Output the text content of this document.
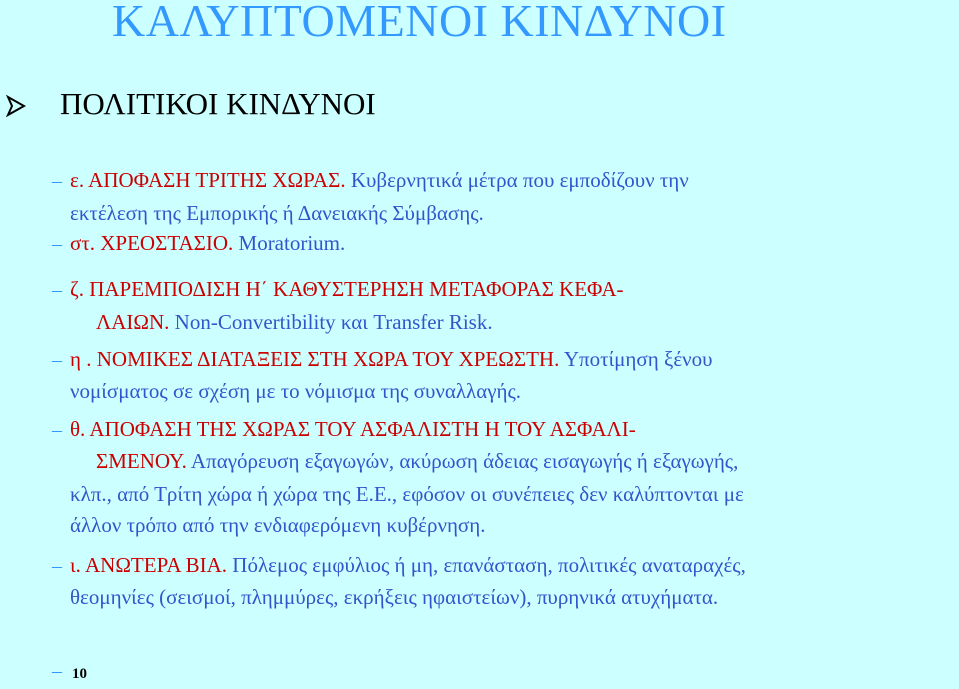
ΚΑΛΥΠΤΟΜΕΝΟΙ ΚΙΝΔΥΝΟΙ
ΠΟΛΙΤΙΚΟΙ ΚΙΝΔΥΝΟΙ
– ε. ΑΠΟΦΑΣΗ ΤΡΙΤΗΣ ΧΩΡΑΣ. Κυβερνητικά μέτρα που εμποδίζουν την
εκτέλεση της Εμπορικής ή Δανειακής Σύμβασης.
– στ. ΧΡΕΟΣΤΑΣΙΟ. Moratorium.
– ζ. ΠΑΡΕΜΠΟΔΙΣΗ Η΄ ΚΑΘΥΣΤΕΡΗΣΗ ΜΕΤΑΦΟΡΑΣ ΚΕΦΑ-
ΛΑΙΩΝ. Non-Convertibility και Transfer Risk.
– η . ΝΟΜΙΚΕΣ ΔΙΑΤΑΞΕΙΣ ΣΤΗ ΧΩΡΑ ΤΟΥ ΧΡΕΩΣΤΗ. Υποτίμηση ξένου
νομίσματος σε σχέση με το νόμισμα της συναλλαγής.
– θ. ΑΠΟΦΑΣΗ ΤΗΣ ΧΩΡΑΣ ΤΟΥ ΑΣΦΑΛΙΣΤΗ Η ΤΟΥ ΑΣΦΑΛΙ-
ΣΜΕΝΟΥ. Απαγόρευση εξαγωγών, ακύρωση άδειας εισαγωγής ή εξαγωγής,
κλπ., από Τρίτη χώρα ή χώρα της Ε.Ε., εφόσον οι συνέπειες δεν καλύπτονται με
άλλον τρόπο από την ενδιαφερόμενη κυβέρνηση.
– ι. ΑΝΩΤΕΡΑ ΒΙΑ. Πόλεμος εμφύλιος ή μη, επανάσταση, πολιτικές αναταραχές,
θεομηνίες (σεισμοί, πλημμύρες, εκρήξεις ηφαιστείων), πυρηνικά ατυχήματα.
– 10
